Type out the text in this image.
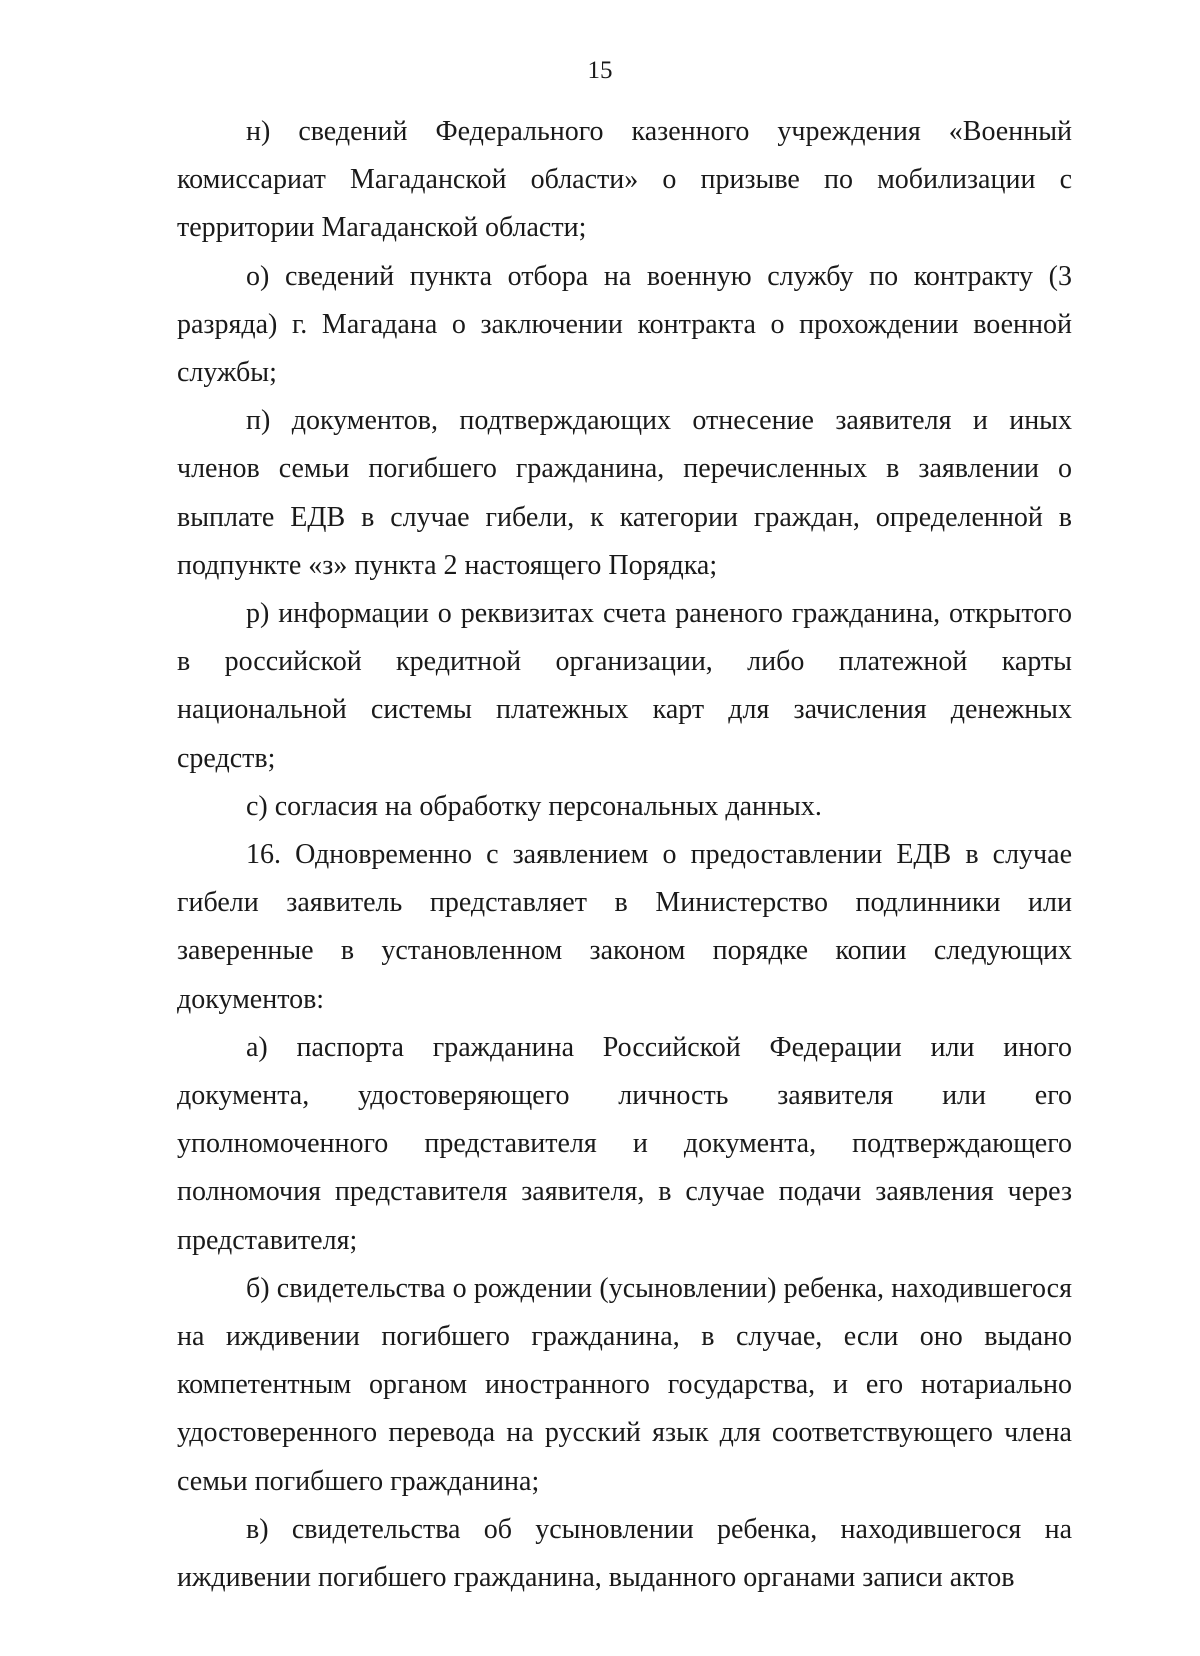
15

н) сведений Федерального казенного учреждения «Военный комиссариат Магаданской области» о призыве по мобилизации с территории Магаданской области;

о) сведений пункта отбора на военную службу по контракту (3 разряда) г. Магадана о заключении контракта о прохождении военной службы;

п) документов, подтверждающих отнесение заявителя и иных членов семьи погибшего гражданина, перечисленных в заявлении о выплате ЕДВ в случае гибели, к категории граждан, определенной в подпункте «з» пункта 2 настоящего Порядка;

р) информации о реквизитах счета раненого гражданина, открытого в российской кредитной организации, либо платежной карты национальной системы платежных карт для зачисления денежных средств;

с) согласия на обработку персональных данных.

16. Одновременно с заявлением о предоставлении ЕДВ в случае гибели заявитель представляет в Министерство подлинники или заверенные в установленном законом порядке копии следующих документов:

а) паспорта гражданина Российской Федерации или иного документа, удостоверяющего личность заявителя или его уполномоченного представителя и документа, подтверждающего полномочия представителя заявителя, в случае подачи заявления через представителя;

б) свидетельства о рождении (усыновлении) ребенка, находившегося на иждивении погибшего гражданина, в случае, если оно выдано компетентным органом иностранного государства, и его нотариально удостоверенного перевода на русский язык для соответствующего члена семьи погибшего гражданина;

в) свидетельства об усыновлении ребенка, находившегося на иждивении погибшего гражданина, выданного органами записи актов
